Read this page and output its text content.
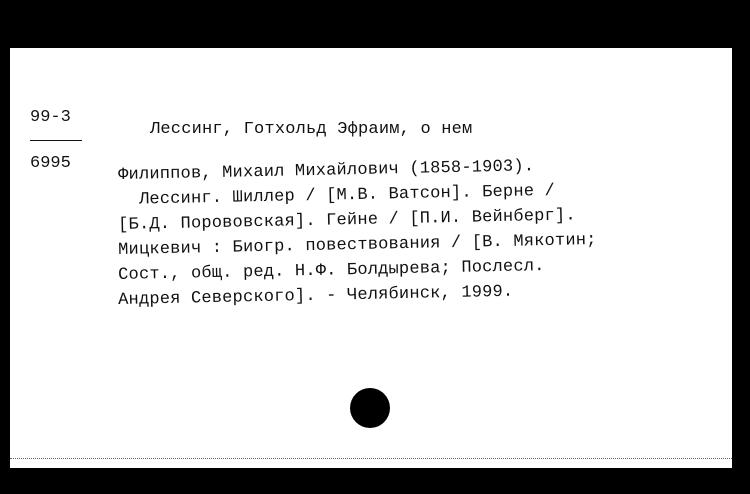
99-3
6995
Лессинг, Готхольд Эфраим, о нем
Филиппов, Михаил Михайлович (1858-1903).
Лессинг. Шиллер / [М.В. Ватсон]. Берне /
[Б.Д. Порововская]. Гейне / [П.И. Вейнберг].
Мицкевич : Биогр. повествования / [В. Мякотин;
Сост., общ. ред. Н.Ф. Болдырева; Послесл.
Андрея Северского]. - Челябинск, 1999.
